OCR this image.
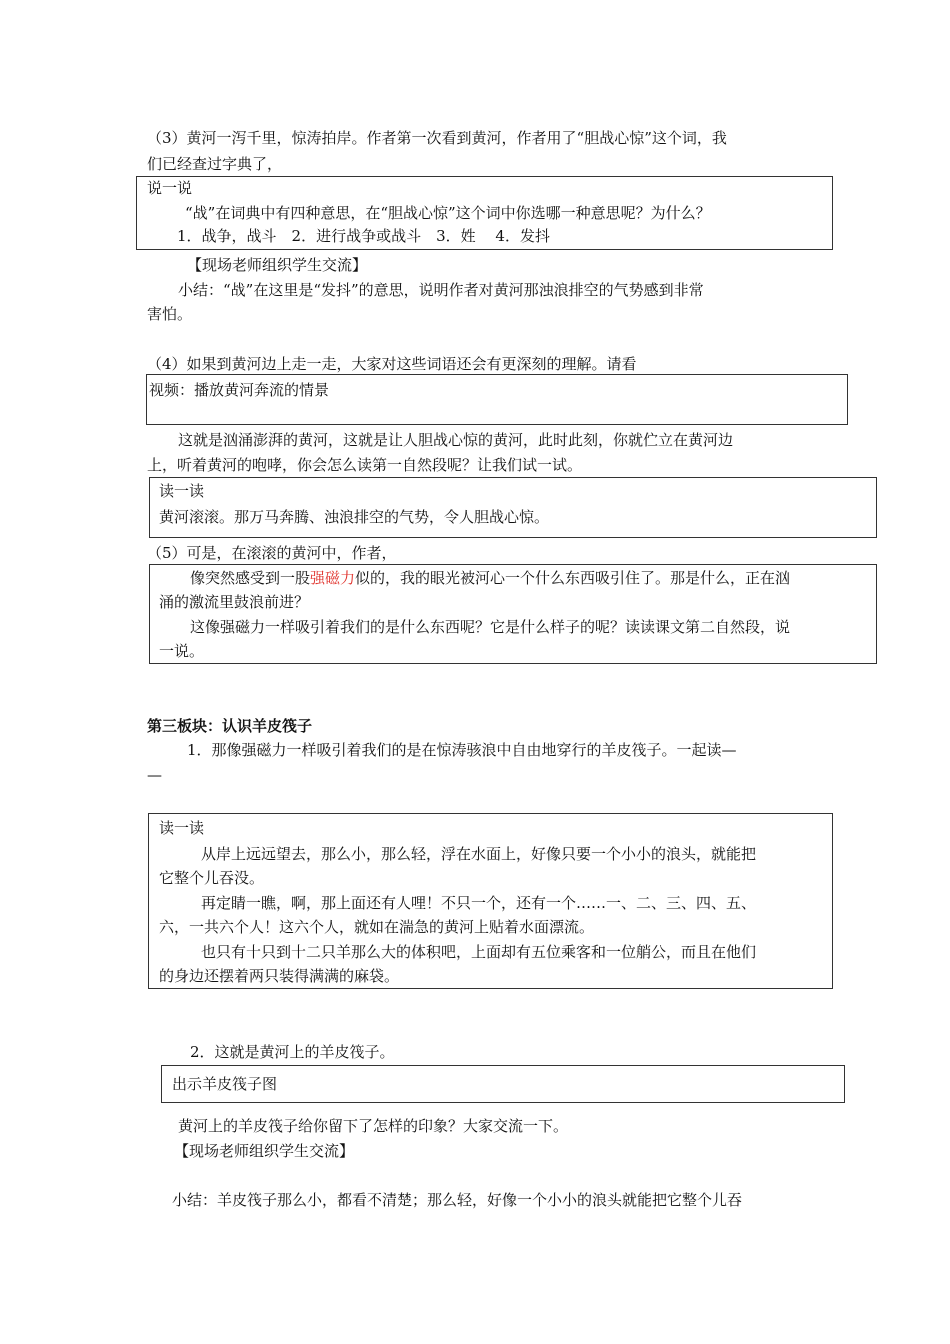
（3）黄河一泻千里，惊涛拍岸。作者第一次看到黄河，作者用了“胆战心惊”这个词，我
们已经查过字典了，
说一说
“战”在词典中有四种意思，在“胆战心惊”这个词中你选哪一种意思呢？为什么？
1．战争，战斗　2．进行战争或战斗　3．姓　 4．发抖
【现场老师组织学生交流】
小结：“战”在这里是“发抖”的意思，说明作者对黄河那浊浪排空的气势感到非常
害怕。
（4）如果到黄河边上走一走，大家对这些词语还会有更深刻的理解。请看
视频：播放黄河奔流的情景
这就是汹涌澎湃的黄河，这就是让人胆战心惊的黄河，此时此刻，你就伫立在黄河边
上，听着黄河的咆哮，你会怎么读第一自然段呢？让我们试一试。
读一读
黄河滚滚。那万马奔腾、浊浪排空的气势，令人胆战心惊。
（5）可是，在滚滚的黄河中，作者，
像突然感受到一股强磁力似的，我的眼光被河心一个什么东西吸引住了。那是什么，正在汹
涌的激流里鼓浪前进？
这像强磁力一样吸引着我们的是什么东西呢？它是什么样子的呢？读读课文第二自然段，说
一说。
第三板块：认识羊皮筏子
1．那像强磁力一样吸引着我们的是在惊涛骇浪中自由地穿行的羊皮筏子。一起读—
—
读一读
从岸上远远望去，那么小，那么轻，浮在水面上，好像只要一个小小的浪头，就能把
它整个儿吞没。
再定睛一瞧，啊，那上面还有人哩！不只一个，还有一个……一、二、三、四、五、
六，一共六个人！这六个人，就如在湍急的黄河上贴着水面漂流。
也只有十只到十二只羊那么大的体积吧，上面却有五位乘客和一位艄公，而且在他们
的身边还摆着两只装得满满的麻袋。
2．这就是黄河上的羊皮筏子。
出示羊皮筏子图
黄河上的羊皮筏子给你留下了怎样的印象？大家交流一下。
【现场老师组织学生交流】
小结：羊皮筏子那么小，都看不清楚；那么轻，好像一个小小的浪头就能把它整个儿吞
